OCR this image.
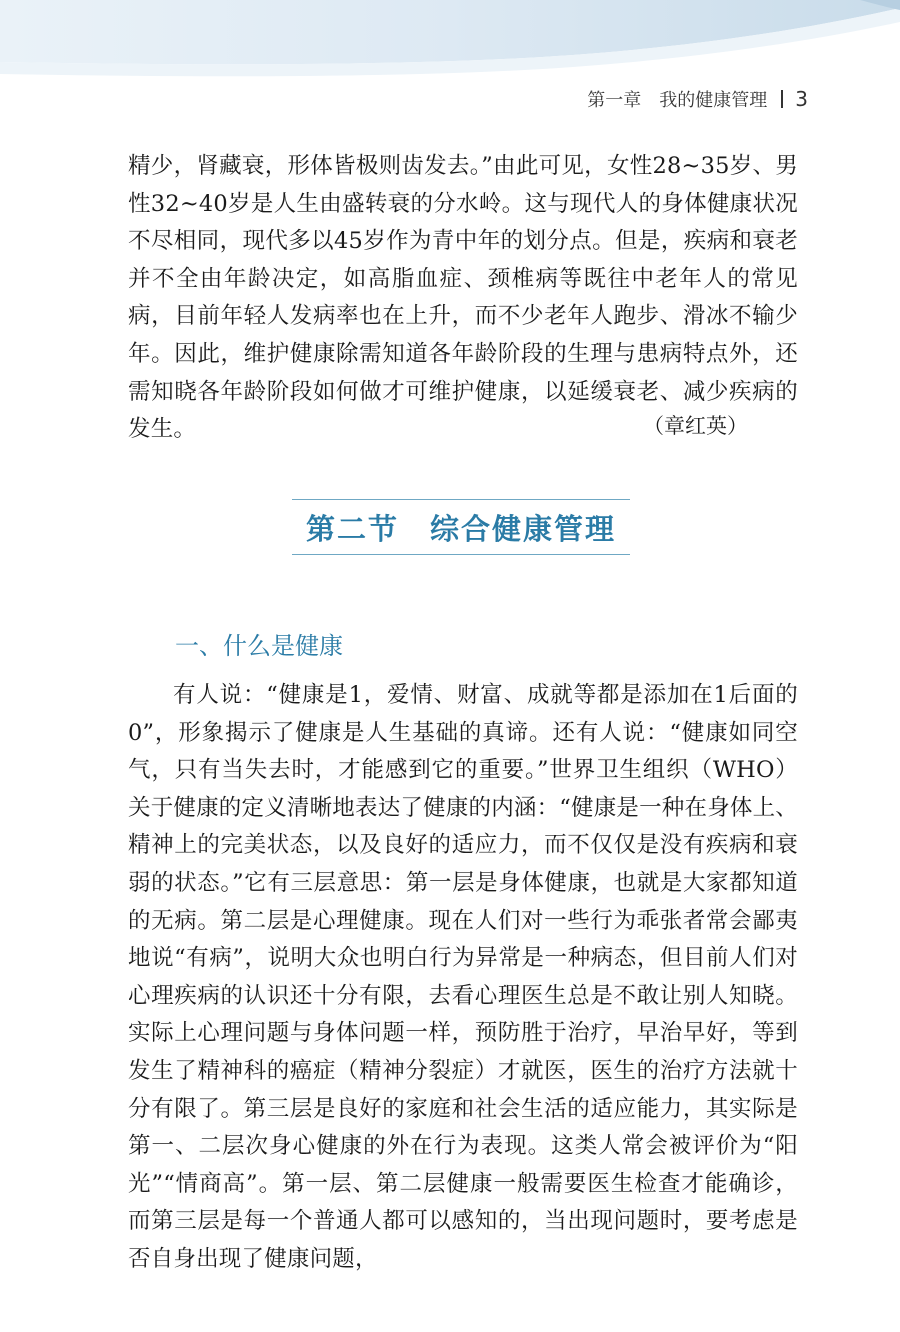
第一章　我的健康管理 3

精少，肾藏衰，形体皆极则齿发去。”由此可见，女性28~35岁、男性32~40岁是人生由盛转衰的分水岭。这与现代人的身体健康状况不尽相同，现代多以45岁作为青中年的划分点。但是，疾病和衰老并不全由年龄决定，如高脂血症、颈椎病等既往中老年人的常见病，目前年轻人发病率也在上升，而不少老年人跑步、滑冰不输少年。因此，维护健康除需知道各年龄阶段的生理与患病特点外，还需知晓各年龄阶段如何做才可维护健康，以延缓衰老、减少疾病的发生。	（章红英）
第二节　综合健康管理
一、什么是健康

有人说：“健康是1，爱情、财富、成就等都是添加在1后面的0”，形象揭示了健康是人生基础的真谛。还有人说：“健康如同空气，只有当失去时，才能感到它的重要。”世界卫生组织（WHO）关于健康的定义清晰地表达了健康的内涵：“健康是一种在身体上、精神上的完美状态，以及良好的适应力，而不仅仅是没有疾病和衰弱的状态。”它有三层意思：第一层是身体健康，也就是大家都知道的无病。第二层是心理健康。现在人们对一些行为乖张者常会鄙夷地说“有病”，说明大众也明白行为异常是一种病态，但目前人们对心理疾病的认识还十分有限，去看心理医生总是不敢让别人知晓。实际上心理问题与身体问题一样，预防胜于治疗，早治早好，等到发生了精神科的癌症（精神分裂症）才就医，医生的治疗方法就十分有限了。第三层是良好的家庭和社会生活的适应能力，其实际是第一、二层次身心健康的外在行为表现。这类人常会被评价为“阳光”“情商高”。第一层、第二层健康一般需要医生检查才能确诊，而第三层是每一个普通人都可以感知的，当出现问题时，要考虑是否自身出现了健康问题，
